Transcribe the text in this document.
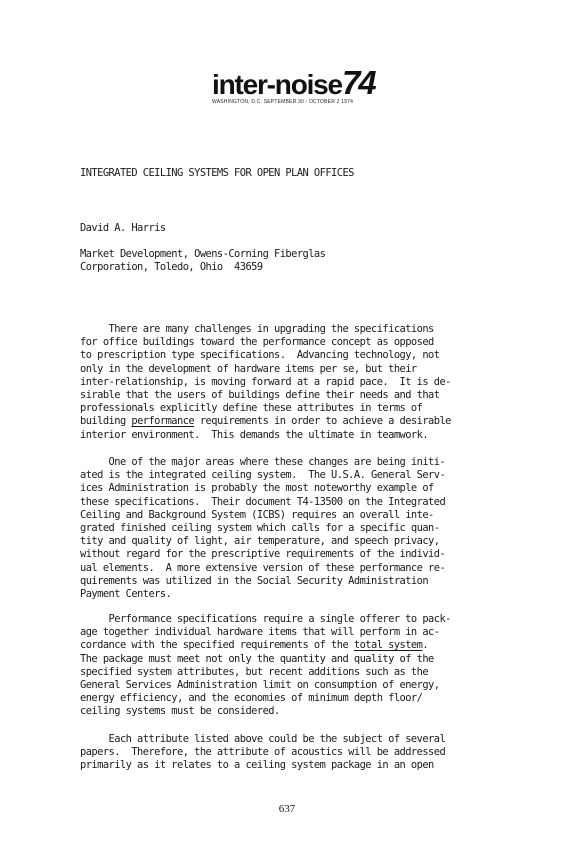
inter-noise74
WASHINGTON, D.C. SEPTEMBER 30 - OCTOBER 2 1974
INTEGRATED CEILING SYSTEMS FOR OPEN PLAN OFFICES
David A. Harris
Market Development, Owens-Corning Fiberglas
Corporation, Toledo, Ohio  43659
There are many challenges in upgrading the specifications
for office buildings toward the performance concept as opposed
to prescription type specifications.  Advancing technology, not
only in the development of hardware items per se, but their
inter-relationship, is moving forward at a rapid pace.  It is de-
sirable that the users of buildings define their needs and that
professionals explicitly define these attributes in terms of
building performance requirements in order to achieve a desirable
interior environment.  This demands the ultimate in teamwork.
One of the major areas where these changes are being initi-
ated is the integrated ceiling system.  The U.S.A. General Serv-
ices Administration is probably the most noteworthy example of
these specifications.  Their document T4-13500 on the Integrated
Ceiling and Background System (ICBS) requires an overall inte-
grated finished ceiling system which calls for a specific quan-
tity and quality of light, air temperature, and speech privacy,
without regard for the prescriptive requirements of the individ-
ual elements.  A more extensive version of these performance re-
quirements was utilized in the Social Security Administration
Payment Centers.
Performance specifications require a single offerer to pack-
age together individual hardware items that will perform in ac-
cordance with the specified requirements of the total system.
The package must meet not only the quantity and quality of the
specified system attributes, but recent additions such as the
General Services Administration limit on consumption of energy,
energy efficiency, and the economies of minimum depth floor/
ceiling systems must be considered.
Each attribute listed above could be the subject of several
papers.  Therefore, the attribute of acoustics will be addressed
primarily as it relates to a ceiling system package in an open
637
